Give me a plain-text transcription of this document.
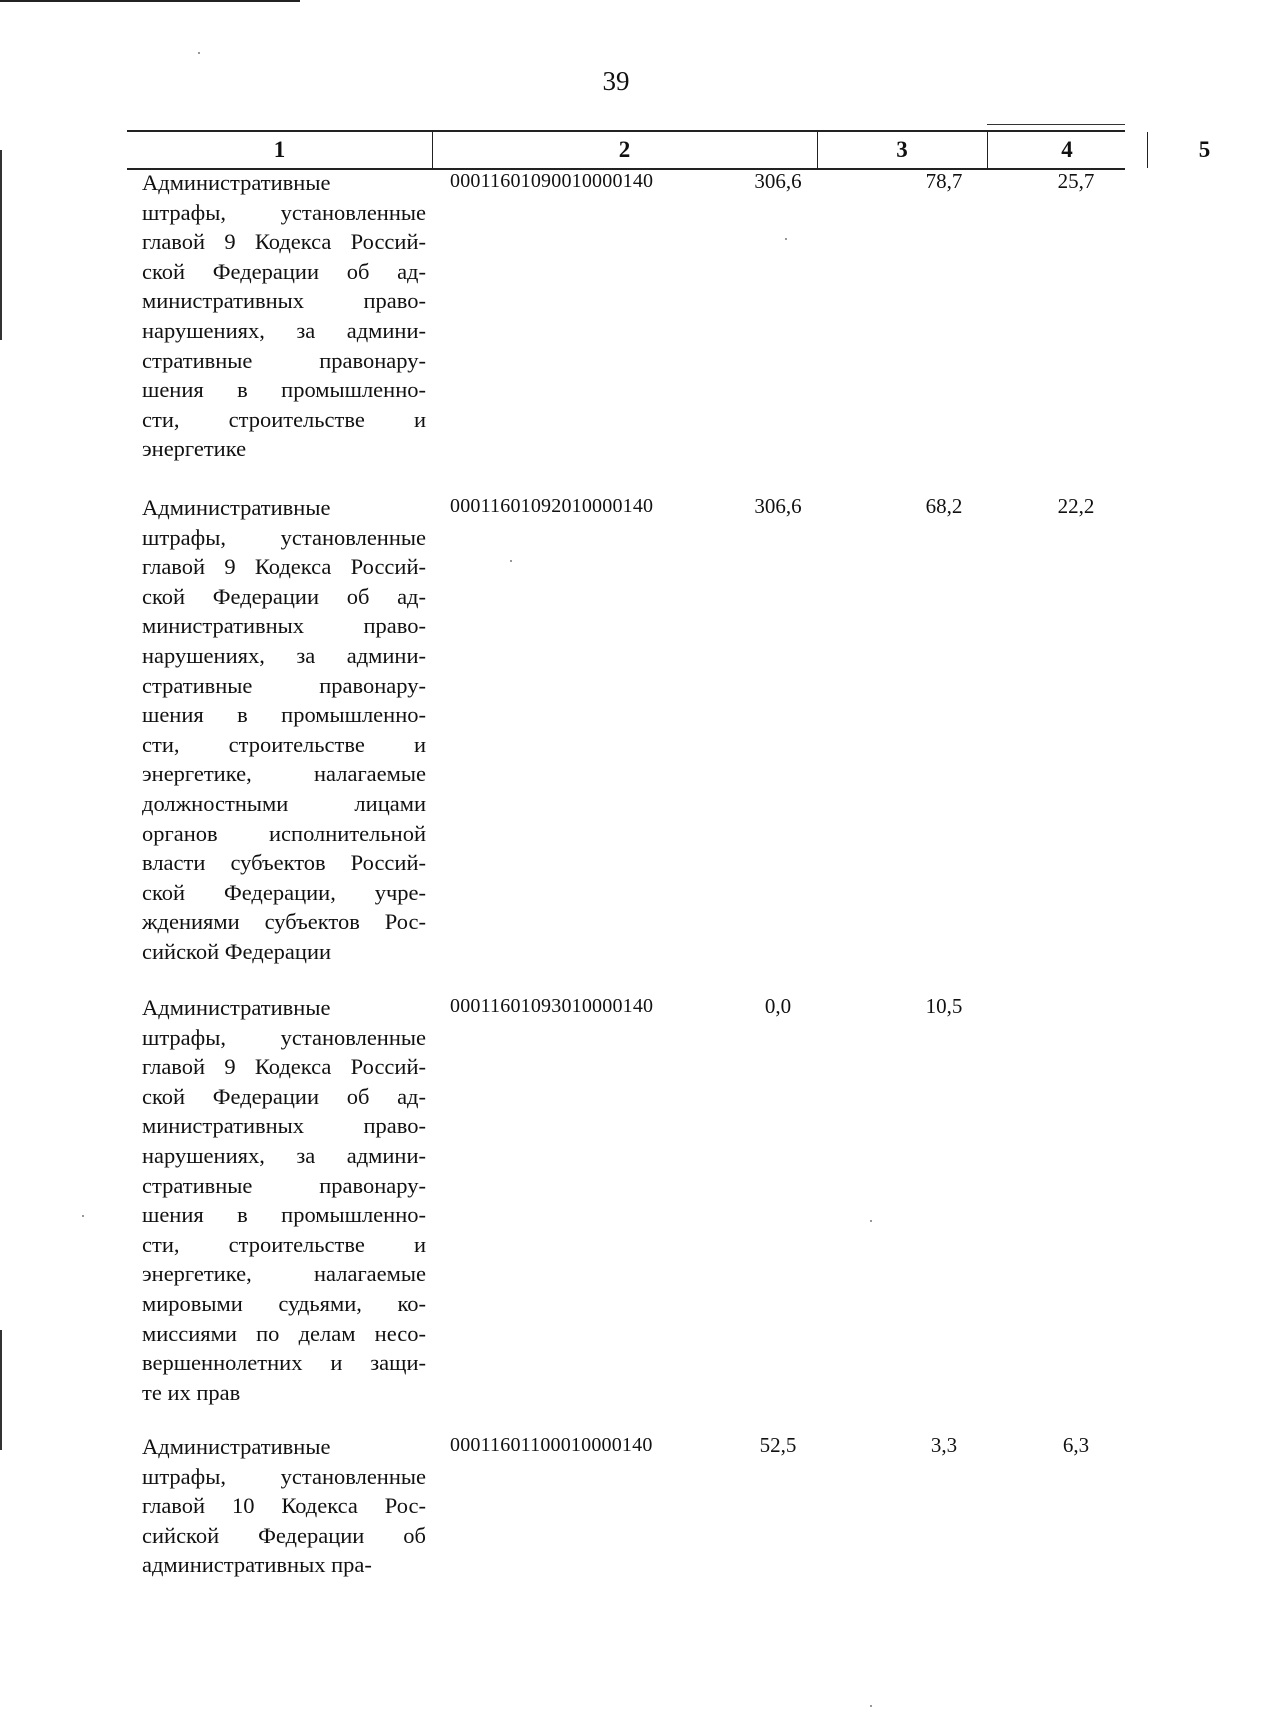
39
1	2	3	4	5
Административные
штрафы, установленные
главой 9 Кодекса Россий-
ской Федерации об ад-
министративных право-
нарушениях, за админи-
стративные правонару-
шения в промышленно-
сти, строительстве и
энергетике
00011601090010000140	306,6	78,7	25,7
Административные
штрафы, установленные
главой 9 Кодекса Россий-
ской Федерации об ад-
министративных право-
нарушениях, за админи-
стративные правонару-
шения в промышленно-
сти, строительстве и
энергетике, налагаемые
должностными лицами
органов исполнительной
власти субъектов Россий-
ской Федерации, учре-
ждениями субъектов Рос-
сийской Федерации
00011601092010000140	306,6	68,2	22,2
Административные
штрафы, установленные
главой 9 Кодекса Россий-
ской Федерации об ад-
министративных право-
нарушениях, за админи-
стративные правонару-
шения в промышленно-
сти, строительстве и
энергетике, налагаемые
мировыми судьями, ко-
миссиями по делам несо-
вершеннолетних и защи-
те их прав
00011601093010000140	0,0	10,5
Административные
штрафы, установленные
главой 10 Кодекса Рос-
сийской Федерации об
административных пра-
00011601100010000140	52,5	3,3	6,3
